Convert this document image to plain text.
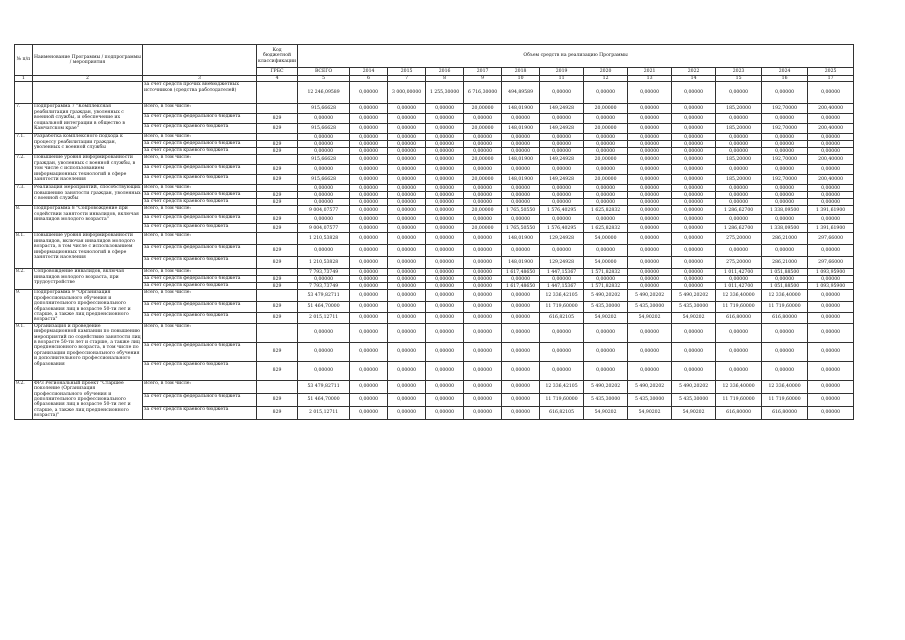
№ п/п	Наименование Программы / подпрограммы / мероприятия		Код бюджетной классификации	Объем средств на реализацию Программы												
			ГРБС	ВСЕГО	2014	2015	2016	2017	2018	2019	2020	2021	2022	2023	2024	2025
1	2	3	4	5	6	7	8	9	10	11	12	13	14	15	16	17
		за счет средств прочих внебюджетных источников (средства работодателей)		12 246,09589	0,00000	3 000,00000	1 255,30000	6 716,30000	494,89589	0,00000	0,00000	0,00000	0,00000	0,00000	0,00000	0,00000
7.	Подпрограмма 7 "Комплексная реабилитация граждан, уволенных с военной службы, и обеспечение их социальной интеграции в общество в Камчатском крае"	Всего, в том числе:		915,66628	0,00000	0,00000	0,00000	20,00000	148,01900	149,24928	20,00000	0,00000	0,00000	185,20000	192,70000	200,40000
		за счет средств федерального бюджета	829	0,00000	0,00000	0,00000	0,00000	0,00000	0,00000	0,00000	0,00000	0,00000	0,00000	0,00000	0,00000	0,00000
		за счет средств краевого бюджета	829	915,66628	0,00000	0,00000	0,00000	20,00000	148,01900	149,24928	20,00000	0,00000	0,00000	185,20000	192,70000	200,40000
7.1.	Разработка комплексного подхода к процессу реабилитации граждан, уволенных с военной службы	Всего, в том числе:		0,00000	0,00000	0,00000	0,00000	0,00000	0,00000	0,00000	0,00000	0,00000	0,00000	0,00000	0,00000	0,00000
		за счет средств федерального бюджета	829	0,00000	0,00000	0,00000	0,00000	0,00000	0,00000	0,00000	0,00000	0,00000	0,00000	0,00000	0,00000	0,00000
		за счет средств краевого бюджета	829	0,00000	0,00000	0,00000	0,00000	0,00000	0,00000	0,00000	0,00000	0,00000	0,00000	0,00000	0,00000	0,00000
7.2.	Повышение уровня информированности граждан, уволенных с военной службы, в том числе с использованием информационных технологий в сфере занятости населения	Всего, в том числе:		915,66628	0,00000	0,00000	0,00000	20,00000	148,01900	149,24928	20,00000	0,00000	0,00000	185,20000	192,70000	200,40000
		за счет средств федерального бюджета	829	0,00000	0,00000	0,00000	0,00000	0,00000	0,00000	0,00000	0,00000	0,00000	0,00000	0,00000	0,00000	0,00000
		за счет средств краевого бюджета	829	915,66628	0,00000	0,00000	0,00000	20,00000	148,01900	149,24928	20,00000	0,00000	0,00000	185,20000	192,70000	200,40000
7.3.	Реализация мероприятий, способствующих повышению занятости граждан, уволенных с военной службы	Всего, в том числе:		0,00000	0,00000	0,00000	0,00000	0,00000	0,00000	0,00000	0,00000	0,00000	0,00000	0,00000	0,00000	0,00000
		за счет средств федерального бюджета	829	0,00000	0,00000	0,00000	0,00000	0,00000	0,00000	0,00000	0,00000	0,00000	0,00000	0,00000	0,00000	0,00000
		за счет средств краевого бюджета	829	0,00000	0,00000	0,00000	0,00000	0,00000	0,00000	0,00000	0,00000	0,00000	0,00000	0,00000	0,00000	0,00000
8.	Подпрограмма 8 "Сопровождение при содействии занятости инвалидов, включая инвалидов молодого возраста"	Всего, в том числе:		9 004,07577	0,00000	0,00000	0,00000	20,00000	1 765,50550	1 576,40295	1 625,82832	0,00000	0,00000	1 286,62700	1 338,09500	1 391,61900
		за счет средств федерального бюджета	829	0,00000	0,00000	0,00000	0,00000	0,00000	0,00000	0,00000	0,00000	0,00000	0,00000	0,00000	0,00000	0,00000
		за счет средств краевого бюджета	829	9 004,07577	0,00000	0,00000	0,00000	20,00000	1 765,50550	1 576,40295	1 625,82832	0,00000	0,00000	1 286,62700	1 338,09500	1 391,61900
8.1.	Повышение уровня информированности инвалидов, включая инвалидов молодого возраста, в том числе с использованием информационных технологий в сфере занятости населения	Всего, в том числе:		1 210,53828	0,00000	0,00000	0,00000	0,00000	148,01900	129,24928	54,00000	0,00000	0,00000	275,20000	286,21000	297,66000
		за счет средств федерального бюджета	829	0,00000	0,00000	0,00000	0,00000	0,00000	0,00000	0,00000	0,00000	0,00000	0,00000	0,00000	0,00000	0,00000
		за счет средств краевого бюджета	829	1 210,53828	0,00000	0,00000	0,00000	0,00000	148,01900	129,24928	54,00000	0,00000	0,00000	275,20000	286,21000	297,66000
8.2.	Сопровождение инвалидов, включая инвалидов молодого возраста, при трудоустройстве	Всего, в том числе:		7 793,73749	0,00000	0,00000	0,00000	0,00000	1 617,48650	1 447,15367	1 571,82832	0,00000	0,00000	1 011,42700	1 051,88500	1 093,95900
		за счет средств федерального бюджета	829	0,00000	0,00000	0,00000	0,00000	0,00000	0,00000	0,00000	0,00000	0,00000	0,00000	0,00000	0,00000	0,00000
		за счет средств краевого бюджета	829	7 793,73749	0,00000	0,00000	0,00000	0,00000	1 617,48650	1 447,15367	1 571,82832	0,00000	0,00000	1 011,42700	1 051,88500	1 093,95900
9.	Подпрограмма 9 "Организация профессионального обучения и дополнительного профессионального образования лиц в возрасте 50-ти лет и старше, а также лиц предпенсионного возраста"	Всего, в том числе:		53 479,82711	0,00000	0,00000	0,00000	0,00000	0,00000	12 336,42105	5 490,20202	5 490,20202	5 490,20202	12 336,40000	12 336,40000	0,00000
		за счет средств федерального бюджета	829	51 464,70000	0,00000	0,00000	0,00000	0,00000	0,00000	11 719,60000	5 435,30000	5 435,30000	5 435,30000	11 719,60000	11 719,60000	0,00000
		за счет средств краевого бюджета	829	2 015,12711	0,00000	0,00000	0,00000	0,00000	0,00000	616,82105	54,90202	54,90202	54,90202	616,80000	616,80000	0,00000
9.1.	Организация и проведение информационной кампании по повышению мероприятий по содействию занятости лиц в возрасте 50-ти лет и старше, а также лиц предпенсионного возраста, в том числе по организации профессионального обучения и дополнительного профессионального образования	Всего, в том числе:		0,00000	0,00000	0,00000	0,00000	0,00000	0,00000	0,00000	0,00000	0,00000	0,00000	0,00000	0,00000	0,00000
		за счет средств федерального бюджета	829	0,00000	0,00000	0,00000	0,00000	0,00000	0,00000	0,00000	0,00000	0,00000	0,00000	0,00000	0,00000	0,00000
		за счет средств краевого бюджета	829	0,00000	0,00000	0,00000	0,00000	0,00000	0,00000	0,00000	0,00000	0,00000	0,00000	0,00000	0,00000	0,00000
9.2.	ФР3 Региональный проект "Старшее поколение (Организация профессионального обучения и дополнительного профессионального образования лиц в возрасте 50-ти лет и старше, а также лиц предпенсионного возраста)"	Всего, в том числе:		53 479,82711	0,00000	0,00000	0,00000	0,00000	0,00000	12 336,42105	5 490,20202	5 490,20202	5 490,20202	12 336,40000	12 336,40000	0,00000
		за счет средств федерального бюджета	829	51 464,70000	0,00000	0,00000	0,00000	0,00000	0,00000	11 719,60000	5 435,30000	5 435,30000	5 435,30000	11 719,60000	11 719,60000	0,00000
		за счет средств краевого бюджета	829	2 015,12711	0,00000	0,00000	0,00000	0,00000	0,00000	616,82105	54,90202	54,90202	54,90202	616,80000	616,80000	0,00000
